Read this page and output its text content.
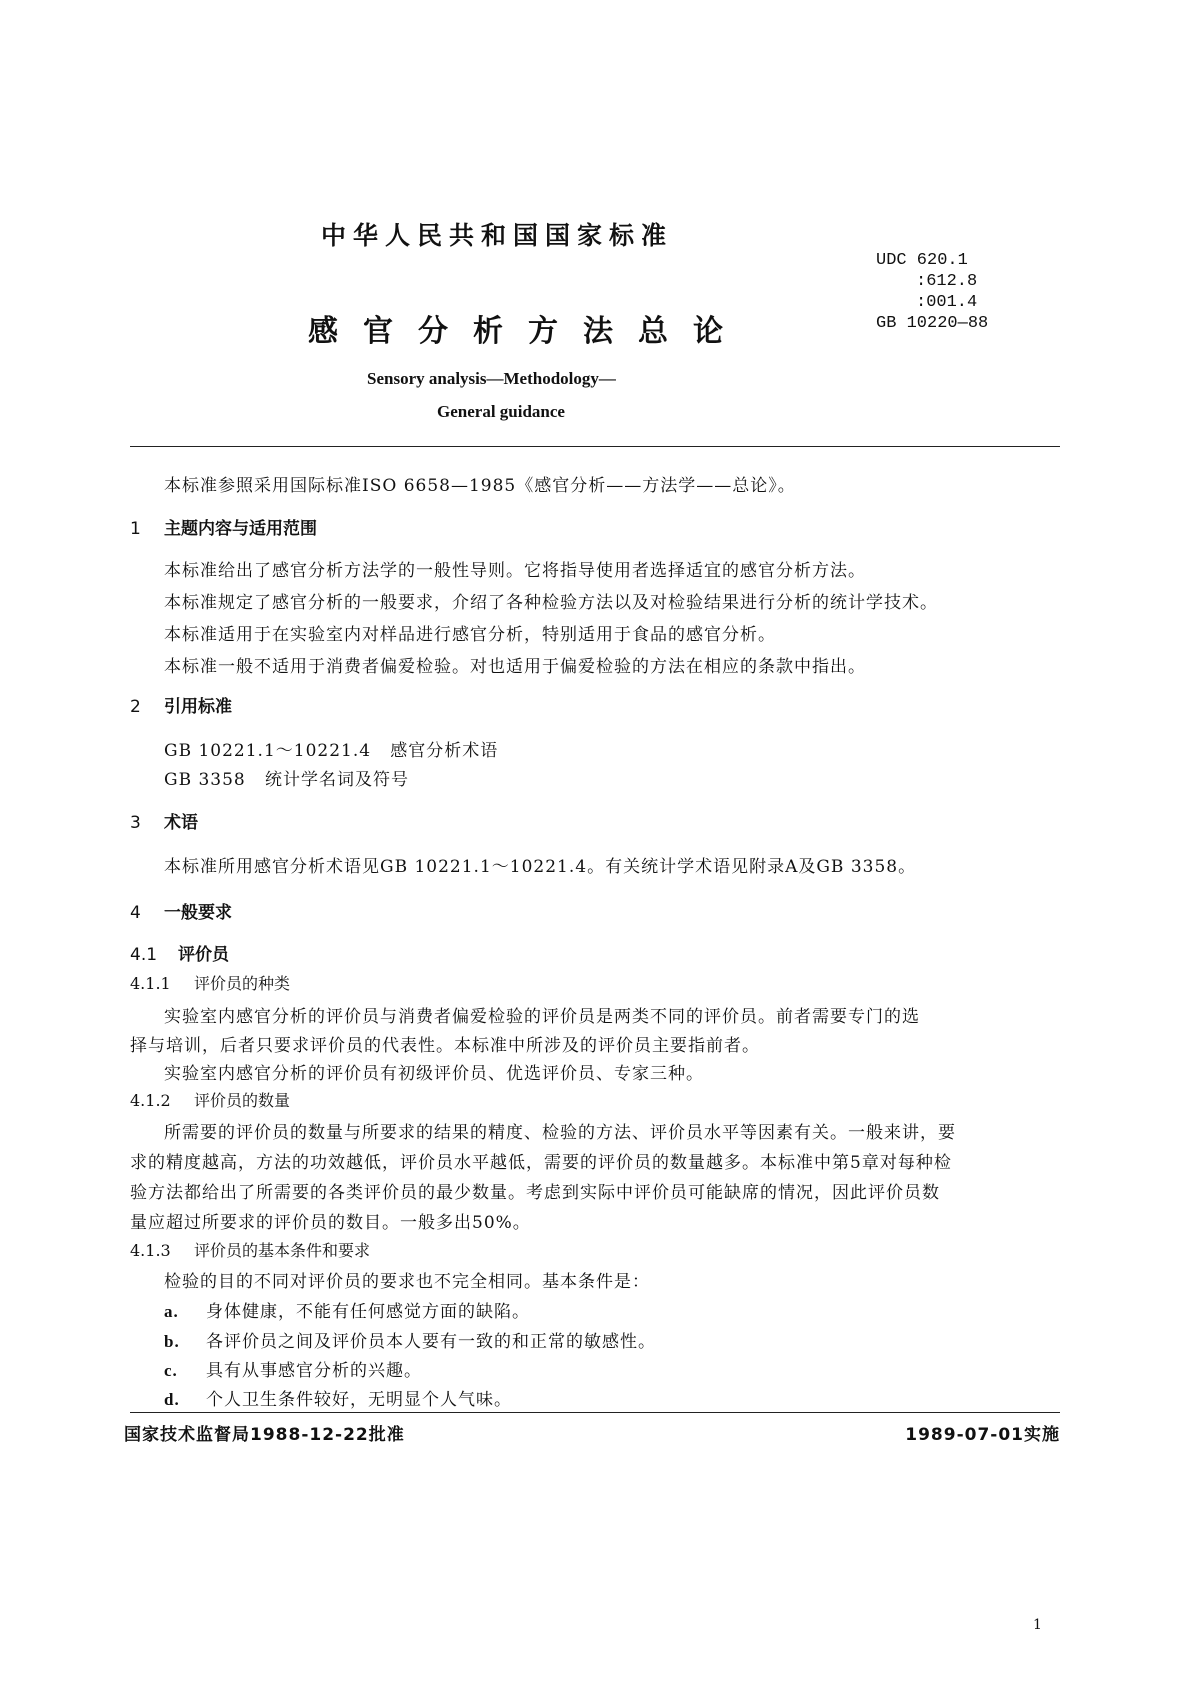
中华人民共和国国家标准
感官分析方法总论
Sensory analysis—Methodology—
General guidance
UDC 620.1
:612.8
:001.4
GB 10220—88
本标准参照采用国际标准ISO 6658—1985《感官分析——方法学——总论》。
1 主题内容与适用范围
本标准给出了感官分析方法学的一般性导则。它将指导使用者选择适宜的感官分析方法。
本标准规定了感官分析的一般要求，介绍了各种检验方法以及对检验结果进行分析的统计学技术。
本标准适用于在实验室内对样品进行感官分析，特别适用于食品的感官分析。
本标准一般不适用于消费者偏爱检验。对也适用于偏爱检验的方法在相应的条款中指出。
2 引用标准
GB 10221.1～10221.4   感官分析术语
GB 3358   统计学名词及符号
3 术语
本标准所用感官分析术语见GB 10221.1～10221.4。有关统计学术语见附录A及GB 3358。
4 一般要求
4.1 评价员
4.1.1 评价员的种类
实验室内感官分析的评价员与消费者偏爱检验的评价员是两类不同的评价员。前者需要专门的选
择与培训，后者只要求评价员的代表性。本标准中所涉及的评价员主要指前者。
实验室内感官分析的评价员有初级评价员、优选评价员、专家三种。
4.1.2 评价员的数量
所需要的评价员的数量与所要求的结果的精度、检验的方法、评价员水平等因素有关。一般来讲，要
求的精度越高，方法的功效越低，评价员水平越低，需要的评价员的数量越多。本标准中第5章对每种检
验方法都给出了所需要的各类评价员的最少数量。考虑到实际中评价员可能缺席的情况，因此评价员数
量应超过所要求的评价员的数目。一般多出50%。
4.1.3 评价员的基本条件和要求
检验的目的不同对评价员的要求也不完全相同。基本条件是：
a. 身体健康，不能有任何感觉方面的缺陷。
b. 各评价员之间及评价员本人要有一致的和正常的敏感性。
c. 具有从事感官分析的兴趣。
d. 个人卫生条件较好，无明显个人气味。
国家技术监督局1988-12-22批准	1989-07-01实施
1
